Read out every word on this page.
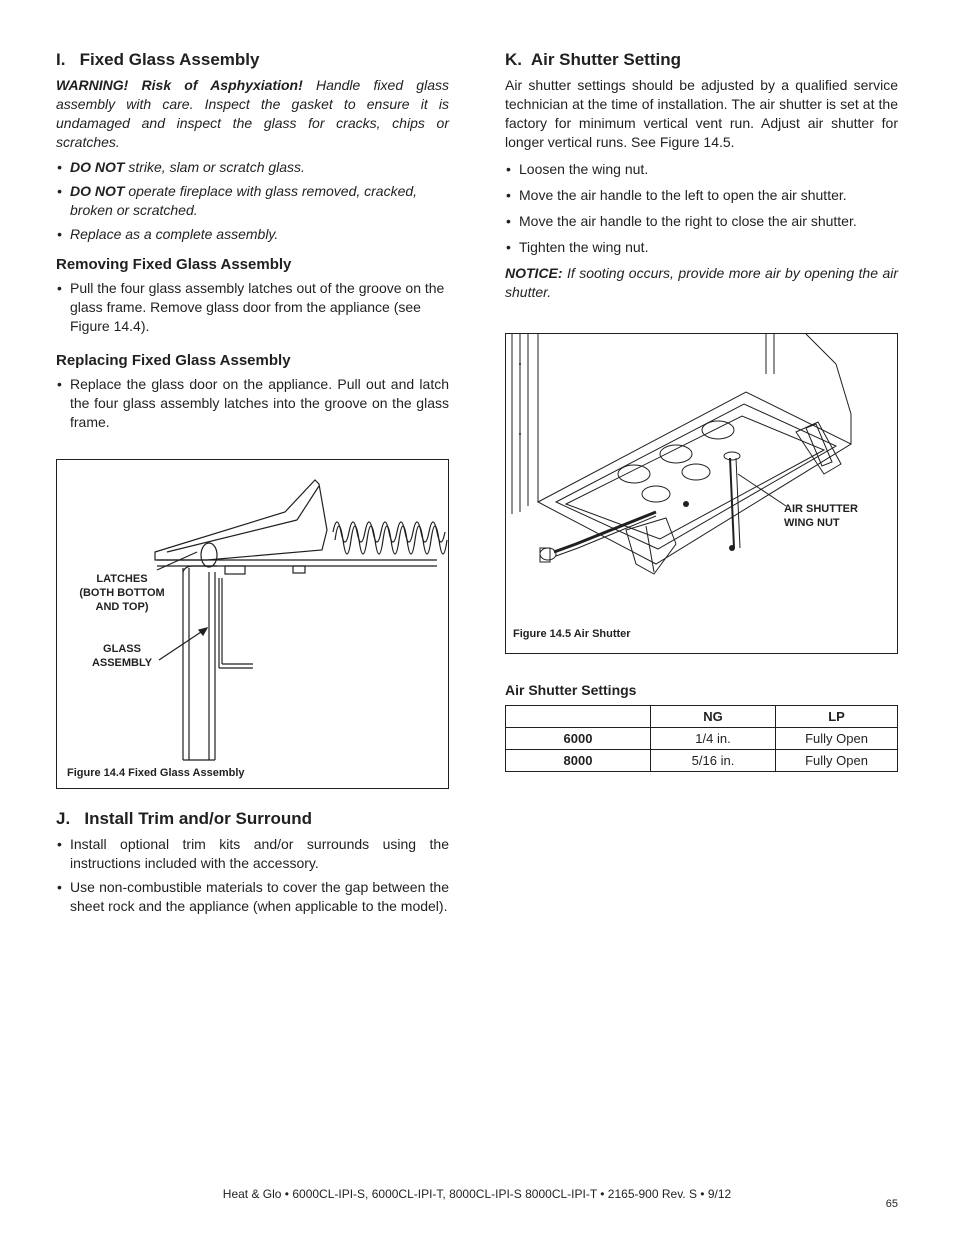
I.   Fixed Glass Assembly

WARNING! Risk of Asphyxiation! Handle fixed glass assembly with care. Inspect the gasket to ensure it is undamaged and inspect the glass for cracks, chips or scratches.

• DO NOT strike, slam or scratch glass.
• DO NOT operate fireplace with glass removed, cracked, broken or scratched.
• Replace as a complete assembly.
Removing Fixed Glass Assembly
• Pull the four glass assembly latches out of the groove on the glass frame. Remove glass door from the appliance (see Figure 14.4).
Replacing Fixed Glass Assembly
• Replace the glass door on the appliance. Pull out and latch the four glass assembly latches into the groove on the glass frame.
LATCHES
(BOTH BOTTOM
AND TOP)
GLASS
ASSEMBLY
Figure 14.4 Fixed Glass Assembly
J.   Install Trim and/or Surround
• Install optional trim kits and/or surrounds using the instructions included with the accessory.
• Use non-combustible materials to cover the gap between the sheet rock and the appliance (when applicable to the model).
K.  Air Shutter Setting

Air shutter settings should be adjusted by a qualified service technician at the time of installation. The air shutter is set at the factory for minimum vertical vent run. Adjust air shutter for longer vertical runs. See Figure 14.5.

• Loosen the wing nut.
• Move the air handle to the left to open the air shutter.
• Move the air handle to the right to close the air shutter.
• Tighten the wing nut.

NOTICE: If sooting occurs, provide more air by opening the air shutter.

AIR SHUTTER
WING NUT
Figure 14.5 Air Shutter
Air Shutter Settings
	NG	LP
6000	1/4 in.	Fully Open
8000	5/16 in.	Fully Open
Heat & Glo • 6000CL-IPI-S, 6000CL-IPI-T, 8000CL-IPI-S 8000CL-IPI-T • 2165-900 Rev. S • 9/12
65
